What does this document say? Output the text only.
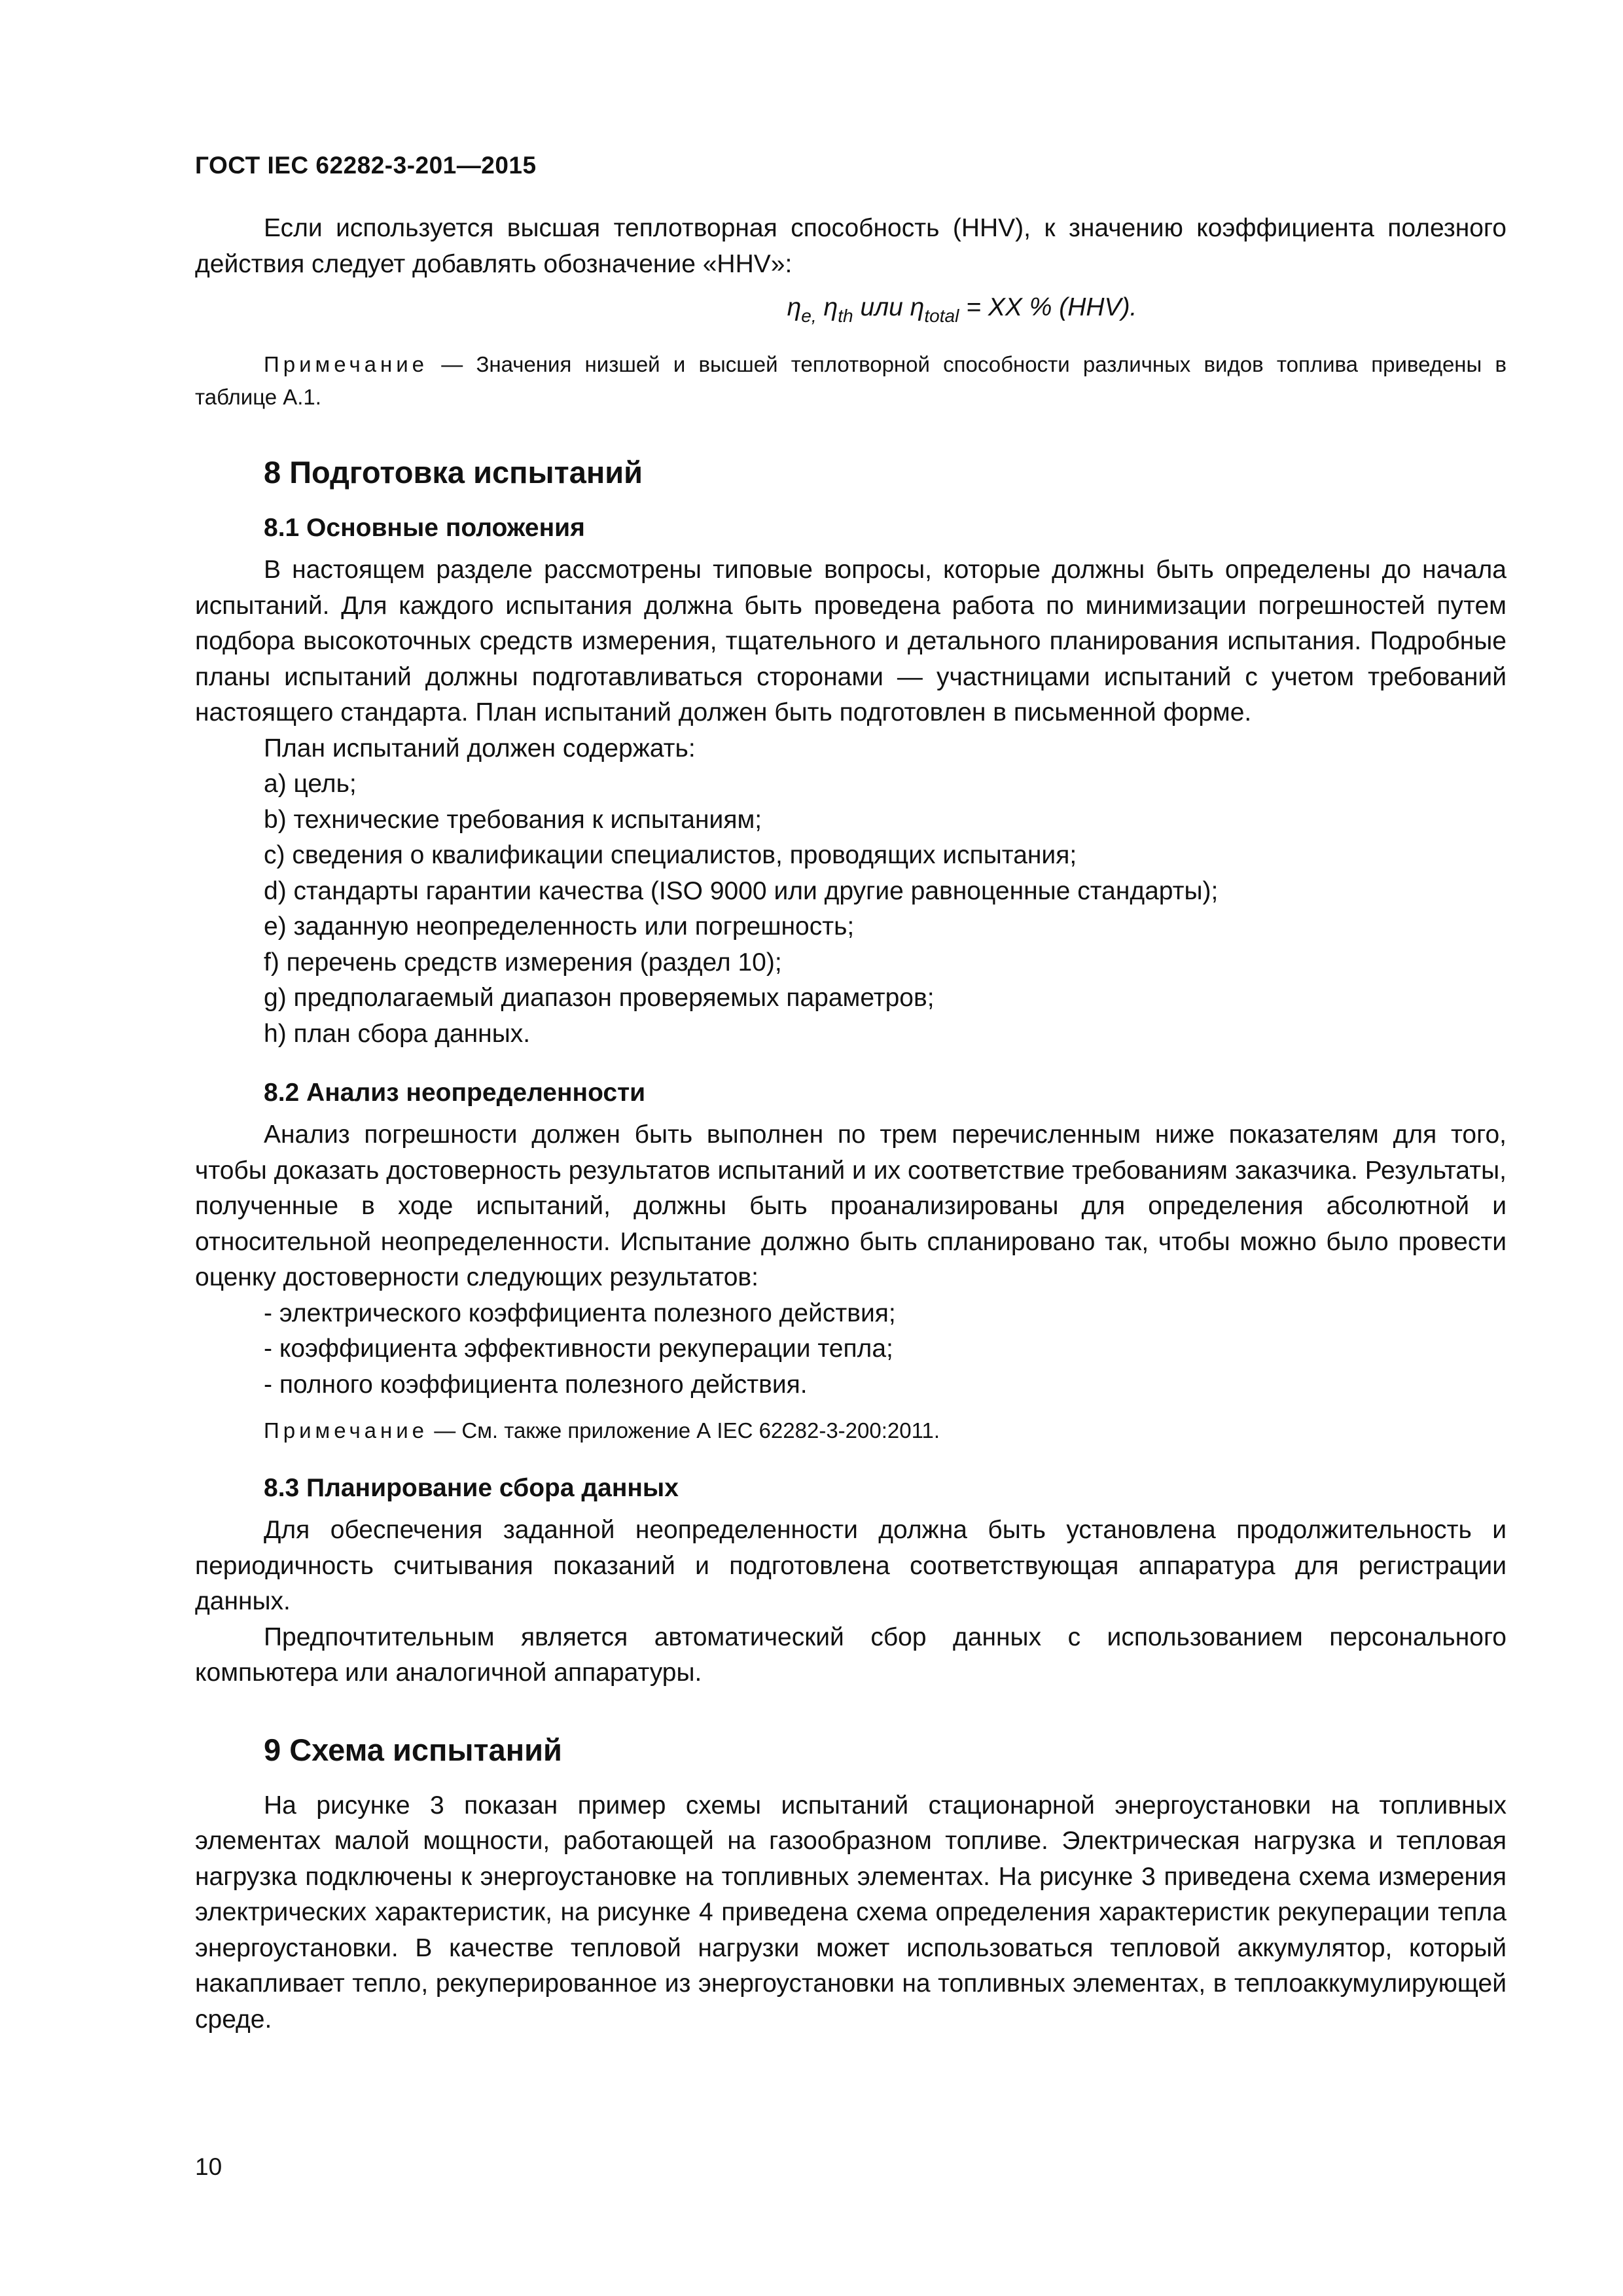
ГОСТ IEC 62282-3-201—2015

Если используется высшая теплотворная способность (HHV), к значению коэффициента полезного действия следует добавлять обозначение «HHV»:

$\eta_{e,}$ $\eta_{th}$ или $\eta_{total}$ = XX % (HHV).

Примечание — Значения низшей и высшей теплотворной способности различных видов топлива приведены в таблице А.1.

8 Подготовка испытаний
8.1 Основные положения

В настоящем разделе рассмотрены типовые вопросы, которые должны быть определены до начала испытаний. Для каждого испытания должна быть проведена работа по минимизации погрешностей путем подбора высокоточных средств измерения, тщательного и детального планирования испытания. Подробные планы испытаний должны подготавливаться сторонами — участницами испытаний с учетом требований настоящего стандарта. План испытаний должен быть подготовлен в письменной форме.

План испытаний должен содержать:

a) цель;
b) технические требования к испытаниям;
c) сведения о квалификации специалистов, проводящих испытания;
d) стандарты гарантии качества (ISO 9000 или другие равноценные стандарты);
e) заданную неопределенность или погрешность;
f) перечень средств измерения (раздел 10);
g) предполагаемый диапазон проверяемых параметров;
h) план сбора данных.
8.2 Анализ неопределенности

Анализ погрешности должен быть выполнен по трем перечисленным ниже показателям для того, чтобы доказать достоверность результатов испытаний и их соответствие требованиям заказчика. Результаты, полученные в ходе испытаний, должны быть проанализированы для определения абсолютной и относительной неопределенности. Испытание должно быть спланировано так, чтобы можно было провести оценку достоверности следующих результатов:

- электрического коэффициента полезного действия;
- коэффициента эффективности рекуперации тепла;
- полного коэффициента полезного действия.

Примечание — См. также приложение А IEC 62282-3-200:2011.

8.3 Планирование сбора данных

Для обеспечения заданной неопределенности должна быть установлена продолжительность и периодичность считывания показаний и подготовлена соответствующая аппаратура для регистрации данных.

Предпочтительным является автоматический сбор данных с использованием персонального компьютера или аналогичной аппаратуры.

9 Схема испытаний

На рисунке 3 показан пример схемы испытаний стационарной энергоустановки на топливных элементах малой мощности, работающей на газообразном топливе. Электрическая нагрузка и тепловая нагрузка подключены к энергоустановке на топливных элементах. На рисунке 3 приведена схема измерения электрических характеристик, на рисунке 4 приведена схема определения характеристик рекуперации тепла энергоустановки. В качестве тепловой нагрузки может использоваться тепловой аккумулятор, который накапливает тепло, рекуперированное из энергоустановки на топливных элементах, в теплоаккумулирующей среде.

10
